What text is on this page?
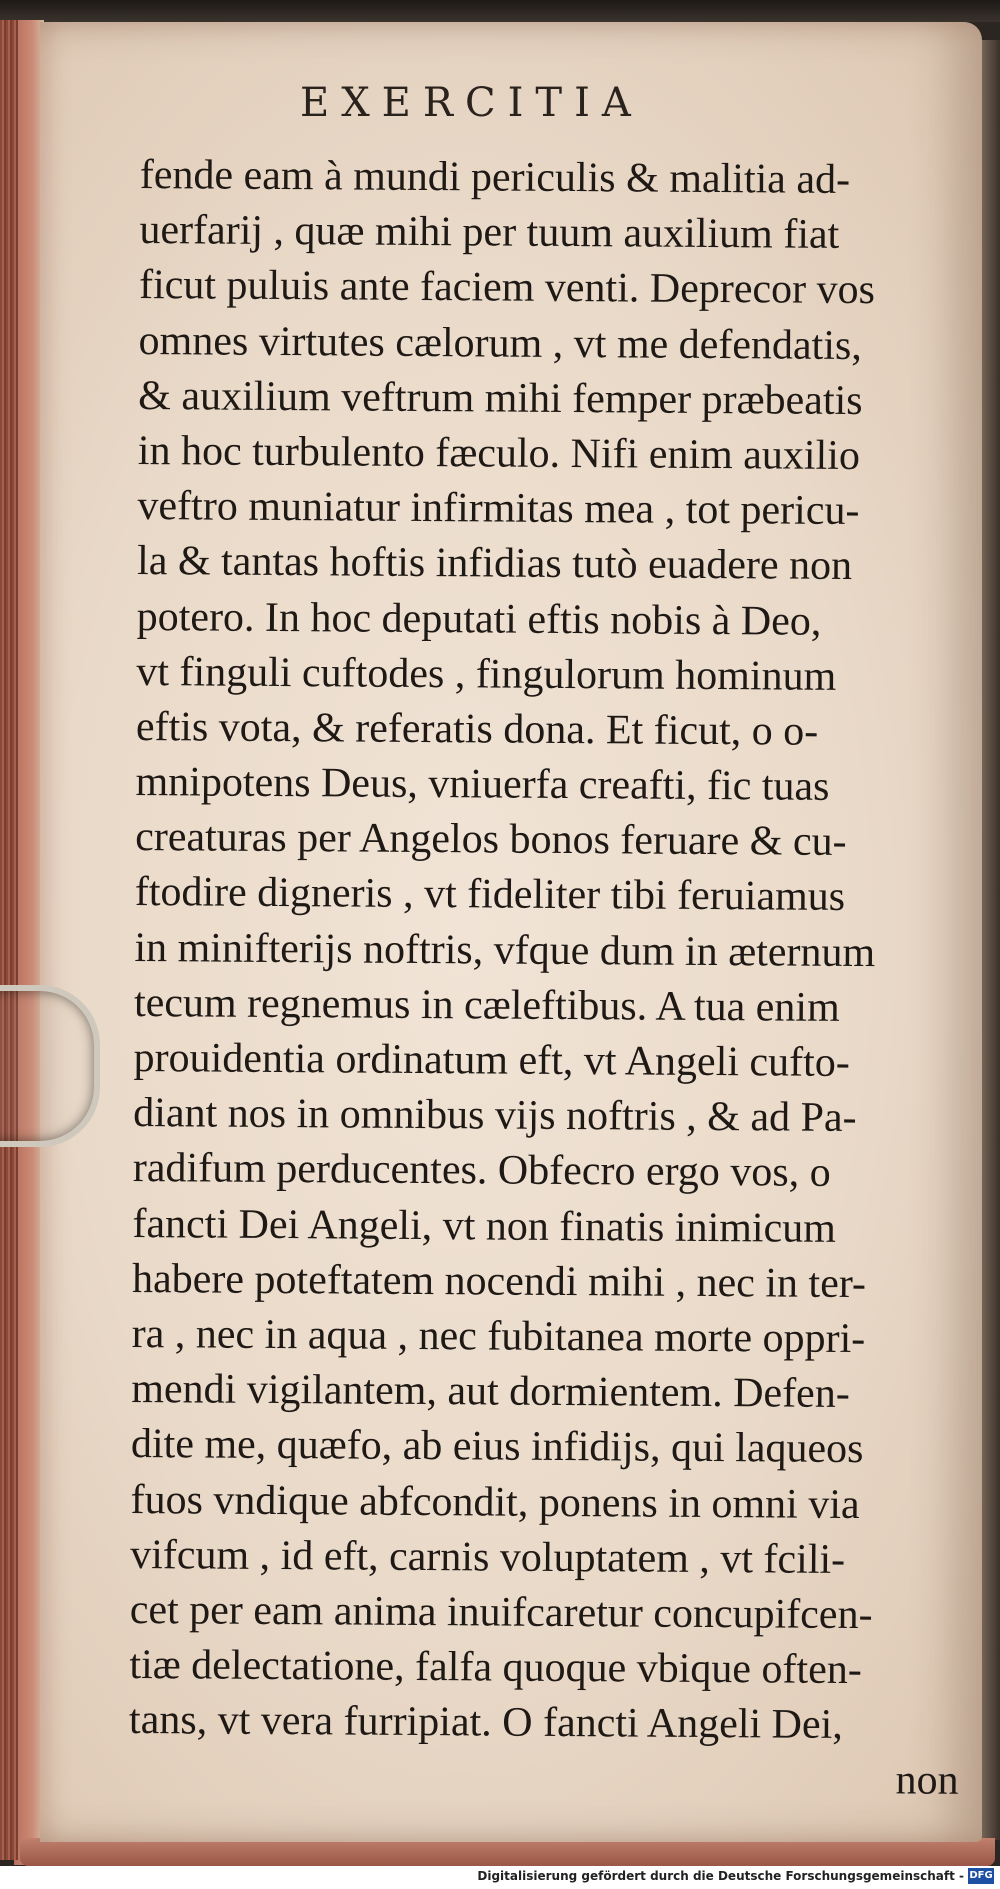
EXERCITIA
fende eam à mundi periculis & malitia ad-
uerfarij , quæ mihi per tuum auxilium fiat
ficut puluis ante faciem venti. Deprecor vos
omnes virtutes cælorum , vt me defendatis,
& auxilium veftrum mihi femper præbeatis
in hoc turbulento fæculo. Nifi enim auxilio
veftro muniatur infirmitas mea , tot pericu-
la & tantas hoftis infidias tutò euadere non
potero. In hoc deputati eftis nobis à Deo,
vt finguli cuftodes , fingulorum hominum
eftis vota, & referatis dona. Et ficut, o o-
mnipotens Deus, vniuerfa creafti, fic tuas
creaturas per Angelos bonos feruare & cu-
ftodire digneris , vt fideliter tibi feruiamus
in minifterijs noftris, vfque dum in æternum
tecum regnemus in cæleftibus. A tua enim
prouidentia ordinatum eft, vt Angeli cufto-
diant nos in omnibus vijs noftris , & ad Pa-
radifum perducentes. Obfecro ergo vos, o
fancti Dei Angeli, vt non finatis inimicum
habere poteftatem nocendi mihi , nec in ter-
ra , nec in aqua , nec fubitanea morte oppri-
mendi vigilantem, aut dormientem. Defen-
dite me, quæfo, ab eius infidijs, qui laqueos
fuos vndique abfcondit, ponens in omni via
vifcum , id eft, carnis voluptatem , vt fcili-
cet per eam anima inuifcaretur concupifcen-
tiæ delectatione, falfa quoque vbique often-
tans, vt vera furripiat. O fancti Angeli Dei,
non
Digitalisierung gefördert durch die Deutsche Forschungsgemeinschaft - DFG
